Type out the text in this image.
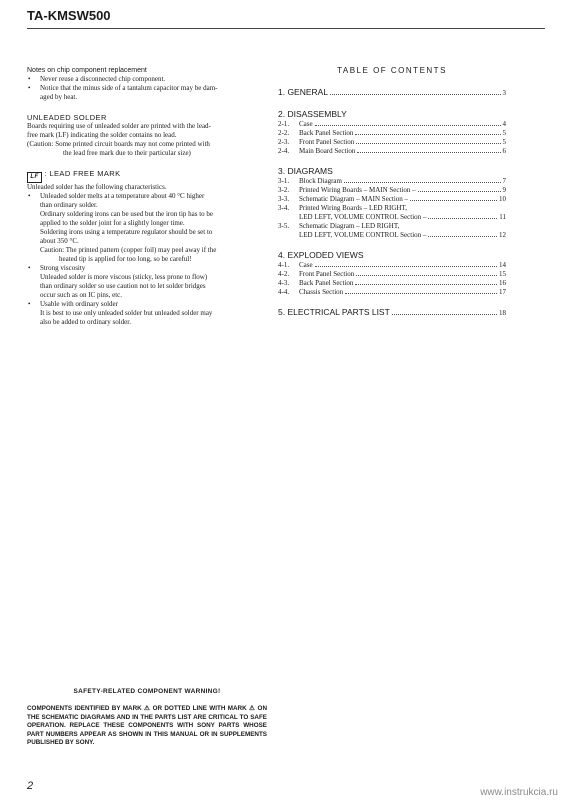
TA-KMSW500

Notes on chip component replacement

• Never reuse a disconnected chip component.

• Notice that the minus side of a tantalum capacitor may be dam-

aged by heat.

UNLEADED SOLDER

Boards requiring use of unleaded solder are printed with the lead-

free mark (LF) indicating the solder contains no lead.

(Caution: Some printed circuit boards may not come printed with

the lead free mark due to their particular size)

LF : LEAD FREE MARK

Unleaded solder has the following characteristics.

• Unleaded solder melts at a temperature about 40 °C higher

than ordinary solder.

Ordinary soldering irons can be used but the iron tip has to be

applied to the solder joint for a slightly longer time.

Soldering irons using a temperature regulator should be set to

about 350 °C.

Caution: The printed pattern (copper foil) may peel away if the

heated tip is applied for too long, so be careful!

• Strong viscosity

Unleaded solder is more viscous (sticky, less prone to flow)

than ordinary solder so use caution not to let solder bridges

occur such as on IC pins, etc.

• Usable with ordinary solder

It is best to use only unleaded solder but unleaded solder may

also be added to ordinary solder.

TABLE OF CONTENTS
1. GENERAL	3

2. DISASSEMBLY

2-1.	Case	4
2-2.	Back Panel Section	5
2-3.	Front Panel Section	5
2-4.	Main Board Section	6

3. DIAGRAMS

3-1.	Block Diagram	7
3-2.	Printed Wiring Boards – MAIN Section –	9
3-3.	Schematic Diagram – MAIN Section –	10
3-4.	Printed Wiring Boards – LED RIGHT,
LED LEFT, VOLUME CONTROL Section –	11
3-5.	Schematic Diagram – LED RIGHT,
LED LEFT, VOLUME CONTROL Section –	12

4. EXPLODED VIEWS

4-1.	Case	14
4-2.	Front Panel Section	15
4-3.	Back Panel Section	16
4-4.	Chassis Section	17
5. ELECTRICAL PARTS LIST	18
SAFETY-RELATED COMPONENT WARNING!
COMPONENTS IDENTIFIED BY MARK ⚠ OR DOTTED LINE WITH MARK ⚠ ON THE SCHEMATIC DIAGRAMS AND IN THE PARTS LIST ARE CRITICAL TO SAFE OPERATION. REPLACE THESE COMPONENTS WITH SONY PARTS WHOSE PART NUMBERS APPEAR AS SHOWN IN THIS MANUAL OR IN SUPPLEMENTS PUBLISHED BY SONY.
2
www.instrukcia.ru
